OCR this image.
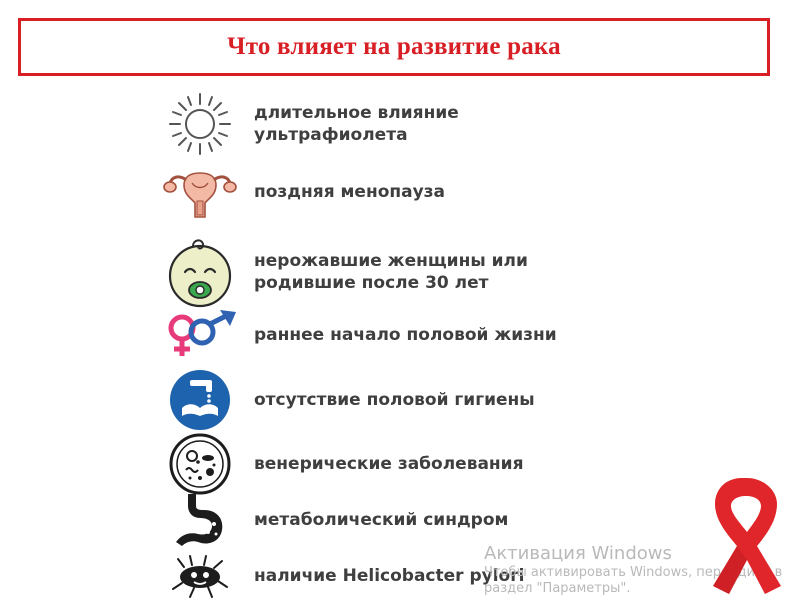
Что влияет на развитие рака
длительное влияние
ультрафиолета
поздняя менопауза
нерожавшие женщины или
родившие после 30 лет
раннее начало половой жизни
отсутствие половой гигиены
венерические заболевания
метаболический синдром
наличие Helicobacter pylori
Активация Windows
Чтобы активировать Windows, перейдите в
раздел "Параметры".
